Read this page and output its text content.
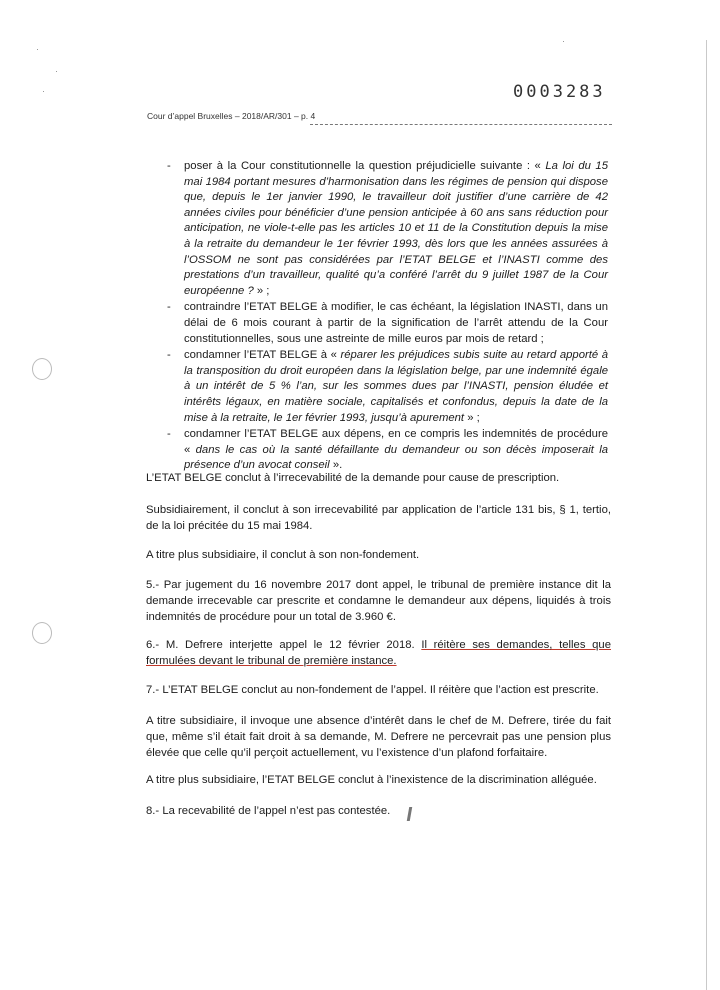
·
·
·
·
0003283
Cour d’appel Bruxelles – 2018/AR/301 – p. 4
- poser à la Cour constitutionnelle la question préjudicielle suivante : « La loi du 15 mai 1984 portant mesures d’harmonisation dans les régimes de pension qui dispose que, depuis le 1er janvier 1990, le travailleur doit justifier d’une carrière de 42 années civiles pour bénéficier d’une pension anticipée à 60 ans sans réduction pour anticipation, ne viole-t-elle pas les articles 10 et 11 de la Constitution depuis la mise à la retraite du demandeur le 1er février 1993, dès lors que les années assurées à l’OSSOM ne sont pas considérées par l’ETAT BELGE et l’INASTI comme des prestations d’un travailleur, qualité qu’a conféré l’arrêt du 9 juillet 1987 de la Cour européenne ? » ;
- contraindre l’ETAT BELGE à modifier, le cas échéant, la législation INASTI, dans un délai de 6 mois courant à partir de la signification de l’arrêt attendu de la Cour constitutionnelles, sous une astreinte de mille euros par mois de retard ;
- condamner l’ETAT BELGE à « réparer les préjudices subis suite au retard apporté à la transposition du droit européen dans la législation belge, par une indemnité égale à un intérêt de 5 % l’an, sur les sommes dues par l’INASTI, pension éludée et intérêts légaux, en matière sociale, capitalisés et confondus, depuis la date de la mise à la retraite, le 1er février 1993, jusqu’à apurement » ;
- condamner l’ETAT BELGE aux dépens, en ce compris les indemnités de procédure « dans le cas où la santé défaillante du demandeur ou son décès imposerait la présence d’un avocat conseil ».

L’ETAT BELGE conclut à l’irrecevabilité de la demande pour cause de prescription.

Subsidiairement, il conclut à son irrecevabilité par application de l’article 131 bis, § 1, tertio, de la loi précitée du 15 mai 1984.

A titre plus subsidiaire, il conclut à son non-fondement.

5.- Par jugement du 16 novembre 2017 dont appel, le tribunal de première instance dit la demande irrecevable car prescrite et condamne le demandeur aux dépens, liquidés à trois indemnités de procédure pour un total de 3.960 €.

6.- M. Defrere interjette appel le 12 février 2018. Il réitère ses demandes, telles que formulées devant le tribunal de première instance.

7.- L’ETAT BELGE conclut au non-fondement de l’appel. Il réitère que l’action est prescrite.

A titre subsidiaire, il invoque une absence d’intérêt dans le chef de M. Defrere, tirée du fait que, même s’il était fait droit à sa demande, M. Defrere ne percevrait pas une pension plus élevée que celle qu’il perçoit actuellement, vu l’existence d’un plafond forfaitaire.

A titre plus subsidiaire, l’ETAT BELGE conclut à l’inexistence de la discrimination alléguée.

8.- La recevabilité de l’appel n’est pas contestée.
